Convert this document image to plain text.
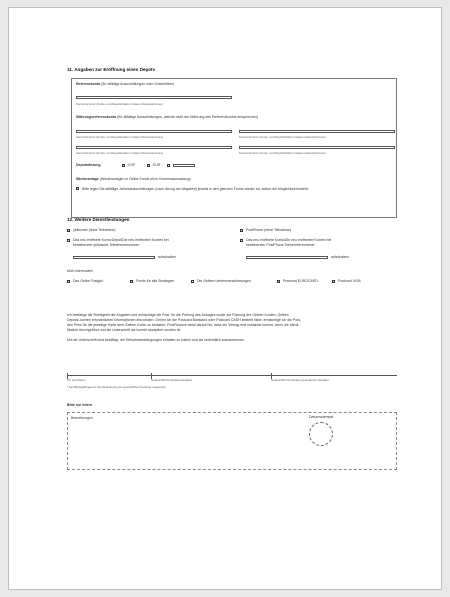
11. Angaben zur Eröffnung eines Depots
Referenzkonto (für alfällige Ausschüttungen oder Gutschriften)
Konto-Nummer (Konto- und Depotinhaber müssen übereinstimmen)
Währungsreferenzkonto (für allfällige Ausschüttungen, welche nicht der Währung des Referenzkontos entsprechen)
Konto-Nummer (Konto- und Depotinhaber müssen übereinstimmen)	Konto-Nummer (Konto- und Depotinhaber müssen übereinstimmen)
Konto-Nummer (Konto- und Depotinhaber müssen übereinstimmen)	Konto-Nummer (Konto- und Depotinhaber müssen übereinstimmen)
Depotwährung	CHF	EUR
Wiederanlage (Wiederanlagen in Gelbe-Fonds ohne Kommissionsabzug)
Bitte legen Sie allfällige Jahresausschüttungen (nach Abzug der Abgaben) jeweils in den gleichen Fonds wieder an, sofern die Möglichkeit besteht.
12. Weitere Dienstleistungen
yellownet (reine Teilnahme)	PostPhone (reine Teilnahme)
Das neu eröffnete Konto/Depot/Die neu eröffneten Konten bei
bestehender yellownet-Teilnehmernummer
Das neu eröffnete Konto/Die neu eröffneten Konten bei
bestehender PostPhone-Teilnehmernummer
aufschalten	aufschalten
Mich interessiert:
Das Gelbe Postgirü	Fonds für alle Strategien	Die Gelben Lebensversicherungen	Postcard EUROCARD	Postcard VISA
Ich bestätige die Richtigkeit der Angaben und ermächtige die Post, für die Prüfung des Antrages sowie zur Führung der Gelben Konten, Gelben
Depots/-konten erforderlichen Informationen einzuholen. Gehen ich die Postcard Bankland oder Postcard CASH bestellt habe, ermächtige ich die Post,
den Preis für die jeweilige Karte dem Gelben Konto zu belasten. PostFinance weist darauf hin, dass ein Vertrag erst zustande kommt, wenn die Identi-
fikation durchgeführt und die Unterschrift als korrekt akzeptiert worden ist.
Mit der Unterschrift wird bestätigt, die Teilnahmebedingungen erhalten zu haben und als verbindlich anzuerkennen.
Ort und Datum	Unterschrift Konto/Depotinhaber	Unterschrift Vormünder gesetzlicher Vertreter
* bei Minderjährigen ist die Zustimmung der gesetzlichen Vertreter notwendig
Bitte nur Intern
Bemerkungen	Datumsstempel
